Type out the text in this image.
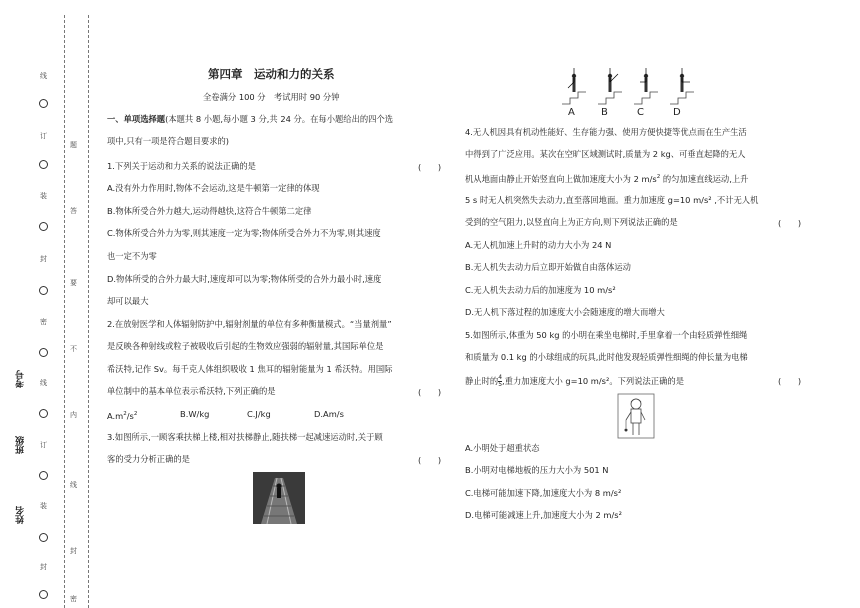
线
订
装
封
密
线
订
装
封
考号
班级
姓名
题
答
要
不
内
线
封
密
第四章　运动和力的关系
全卷满分 100 分　考试用时 90 分钟
一、单项选择题(本题共 8 小题,每小题 3 分,共 24 分。在每小题给出的四个选
项中,只有一项是符合题目要求的)
1.下列关于运动和力关系的说法正确的是	(　　)
A.没有外力作用时,物体不会运动,这是牛顿第一定律的体现
B.物体所受合外力越大,运动得越快,这符合牛顿第二定律
C.物体所受合外力为零,则其速度一定为零;物体所受合外力不为零,则其速度
也一定不为零
D.物体所受的合外力最大时,速度却可以为零;物体所受的合外力最小时,速度
却可以最大
2.在放射医学和人体辐射防护中,辐射剂量的单位有多种衡量模式。“当量剂量”
是反映各种射线或粒子被吸收后引起的生物效应强弱的辐射量,其国际单位是
希沃特,记作 Sv。每千克人体组织吸收 1 焦耳的辐射能量为 1 希沃特。用国际
单位制中的基本单位表示希沃特,下列正确的是	(　　)
$A.m^2/s^2$	B.W/kg	C.J/kg	D.Am/s
3.如图所示,一顾客乘扶梯上楼,相对扶梯静止,随扶梯一起减速运动时,关于顾
客的受力分析正确的是	(　　)
A	B	C	D
4.无人机因具有机动性能好、生存能力强、使用方便快捷等优点而在生产生活
中得到了广泛应用。某次在空旷区域测试时,质量为 2 kg、可垂直起降的无人
机从地面由静止开始竖直向上做加速度大小为 2 $m/s^2$ 的匀加速直线运动,上升
5 s 时无人机突然失去动力,直至落回地面。重力加速度 g=10 m/s² ,不计无人机
受到的空气阻力,以竖直向上为正方向,则下列说法正确的是	(　　)
A.无人机加速上升时的动力大小为 24 N
B.无人机失去动力后立即开始做自由落体运动
C.无人机失去动力后的加速度为 10 m/s²
D.无人机下落过程的加速度大小会随速度的增大而增大
5.如图所示,体重为 50 kg 的小明在乘坐电梯时,手里拿着一个由轻质弹性细绳
和质量为 0.1 kg 的小球组成的玩具,此时他发现轻质弹性细绳的伸长量为电梯
静止时的 $\frac{4}{5}$ ,重力加速度大小 g=10 m/s²。下列说法正确的是	(　　)
A.小明处于超重状态
B.小明对电梯地板的压力大小为 501 N
C.电梯可能加速下降,加速度大小为 8 m/s²
D.电梯可能减速上升,加速度大小为 2 m/s²
